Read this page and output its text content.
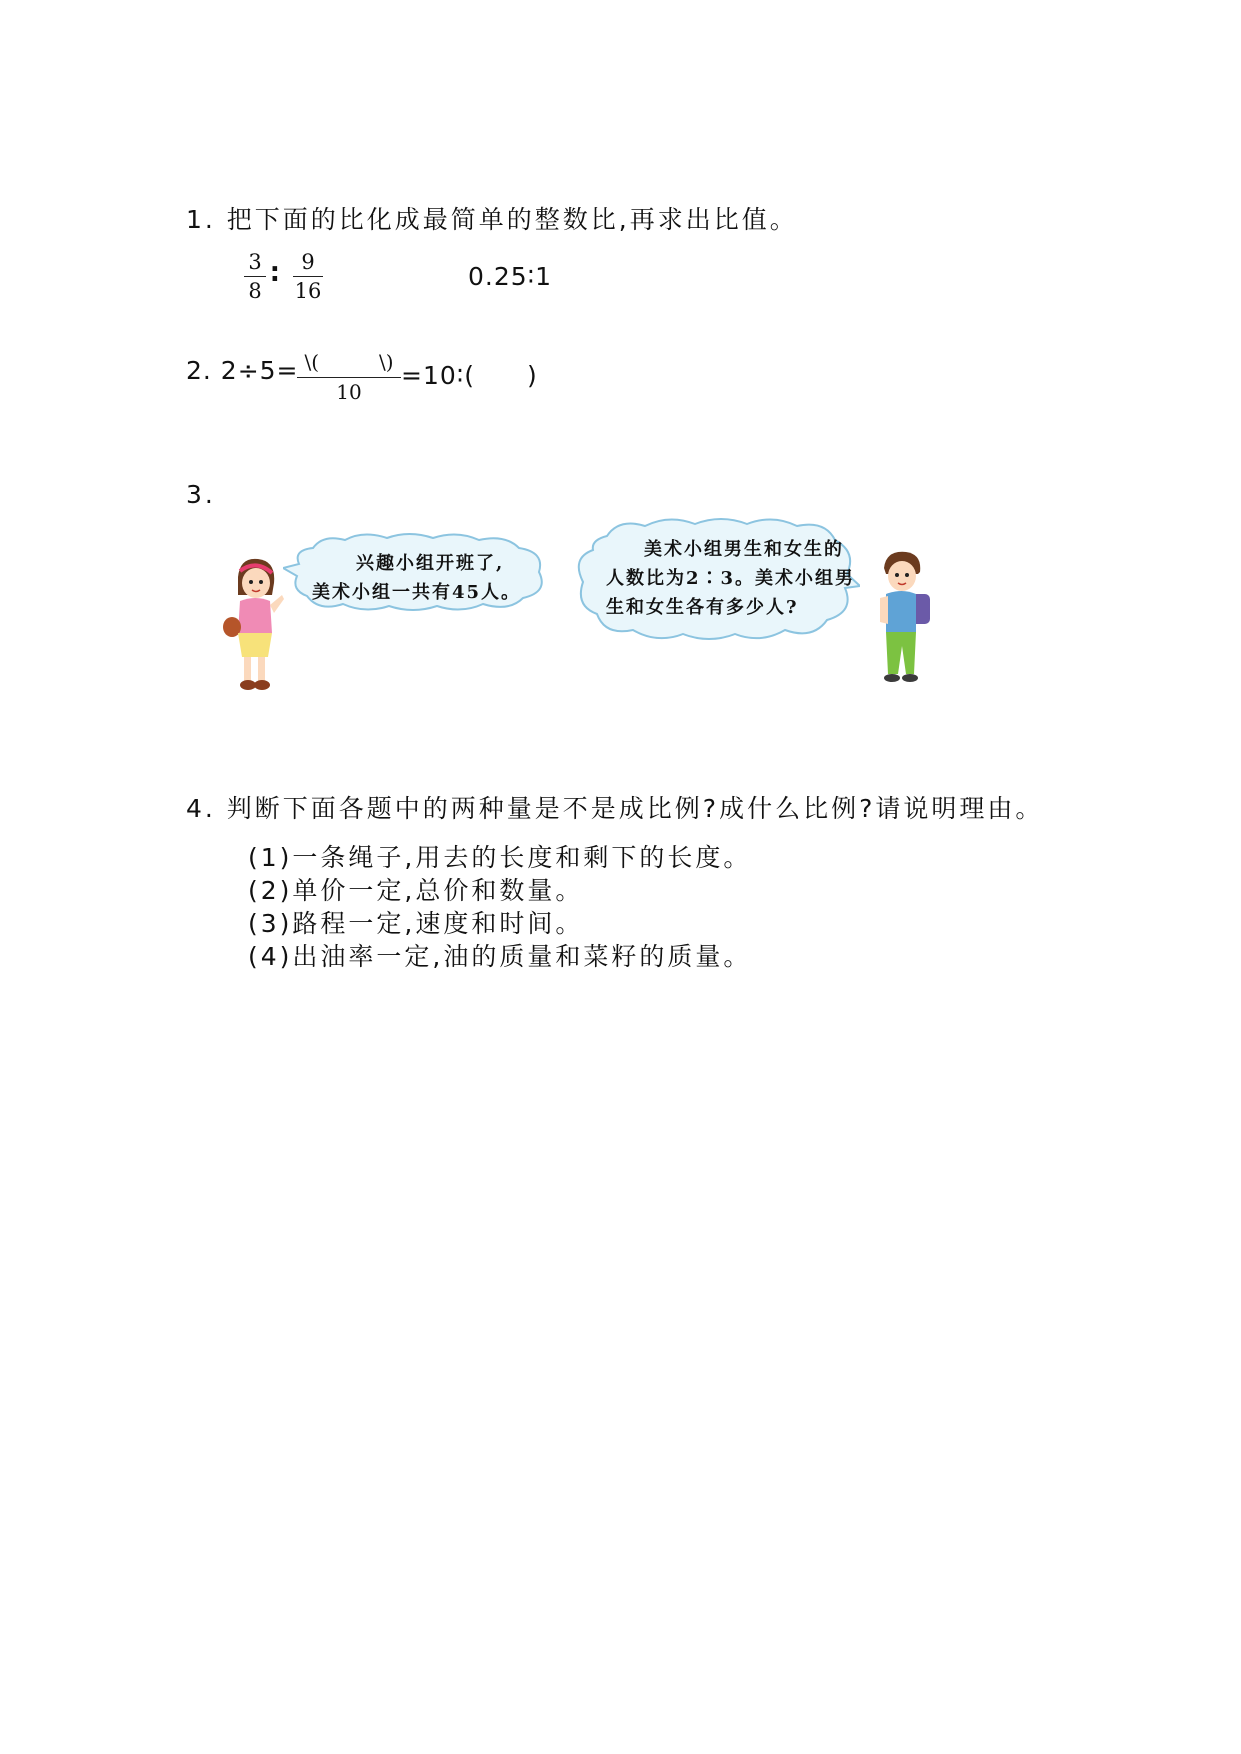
1. 把下面的比化成最简单的整数比,再求出比值。
3
8
∶	9
16	0.25∶1
2. 2÷5= \(　　　\)
10
=10∶(　　)
3.
兴趣小组开班了,
美术小组一共有45人。
美术小组男生和女生的
人数比为2∶3。美术小组男
生和女生各有多少人?
4. 判断下面各题中的两种量是不是成比例?成什么比例?请说明理由。
(1)一条绳子,用去的长度和剩下的长度。
(2)单价一定,总价和数量。
(3)路程一定,速度和时间。
(4)出油率一定,油的质量和菜籽的质量。
